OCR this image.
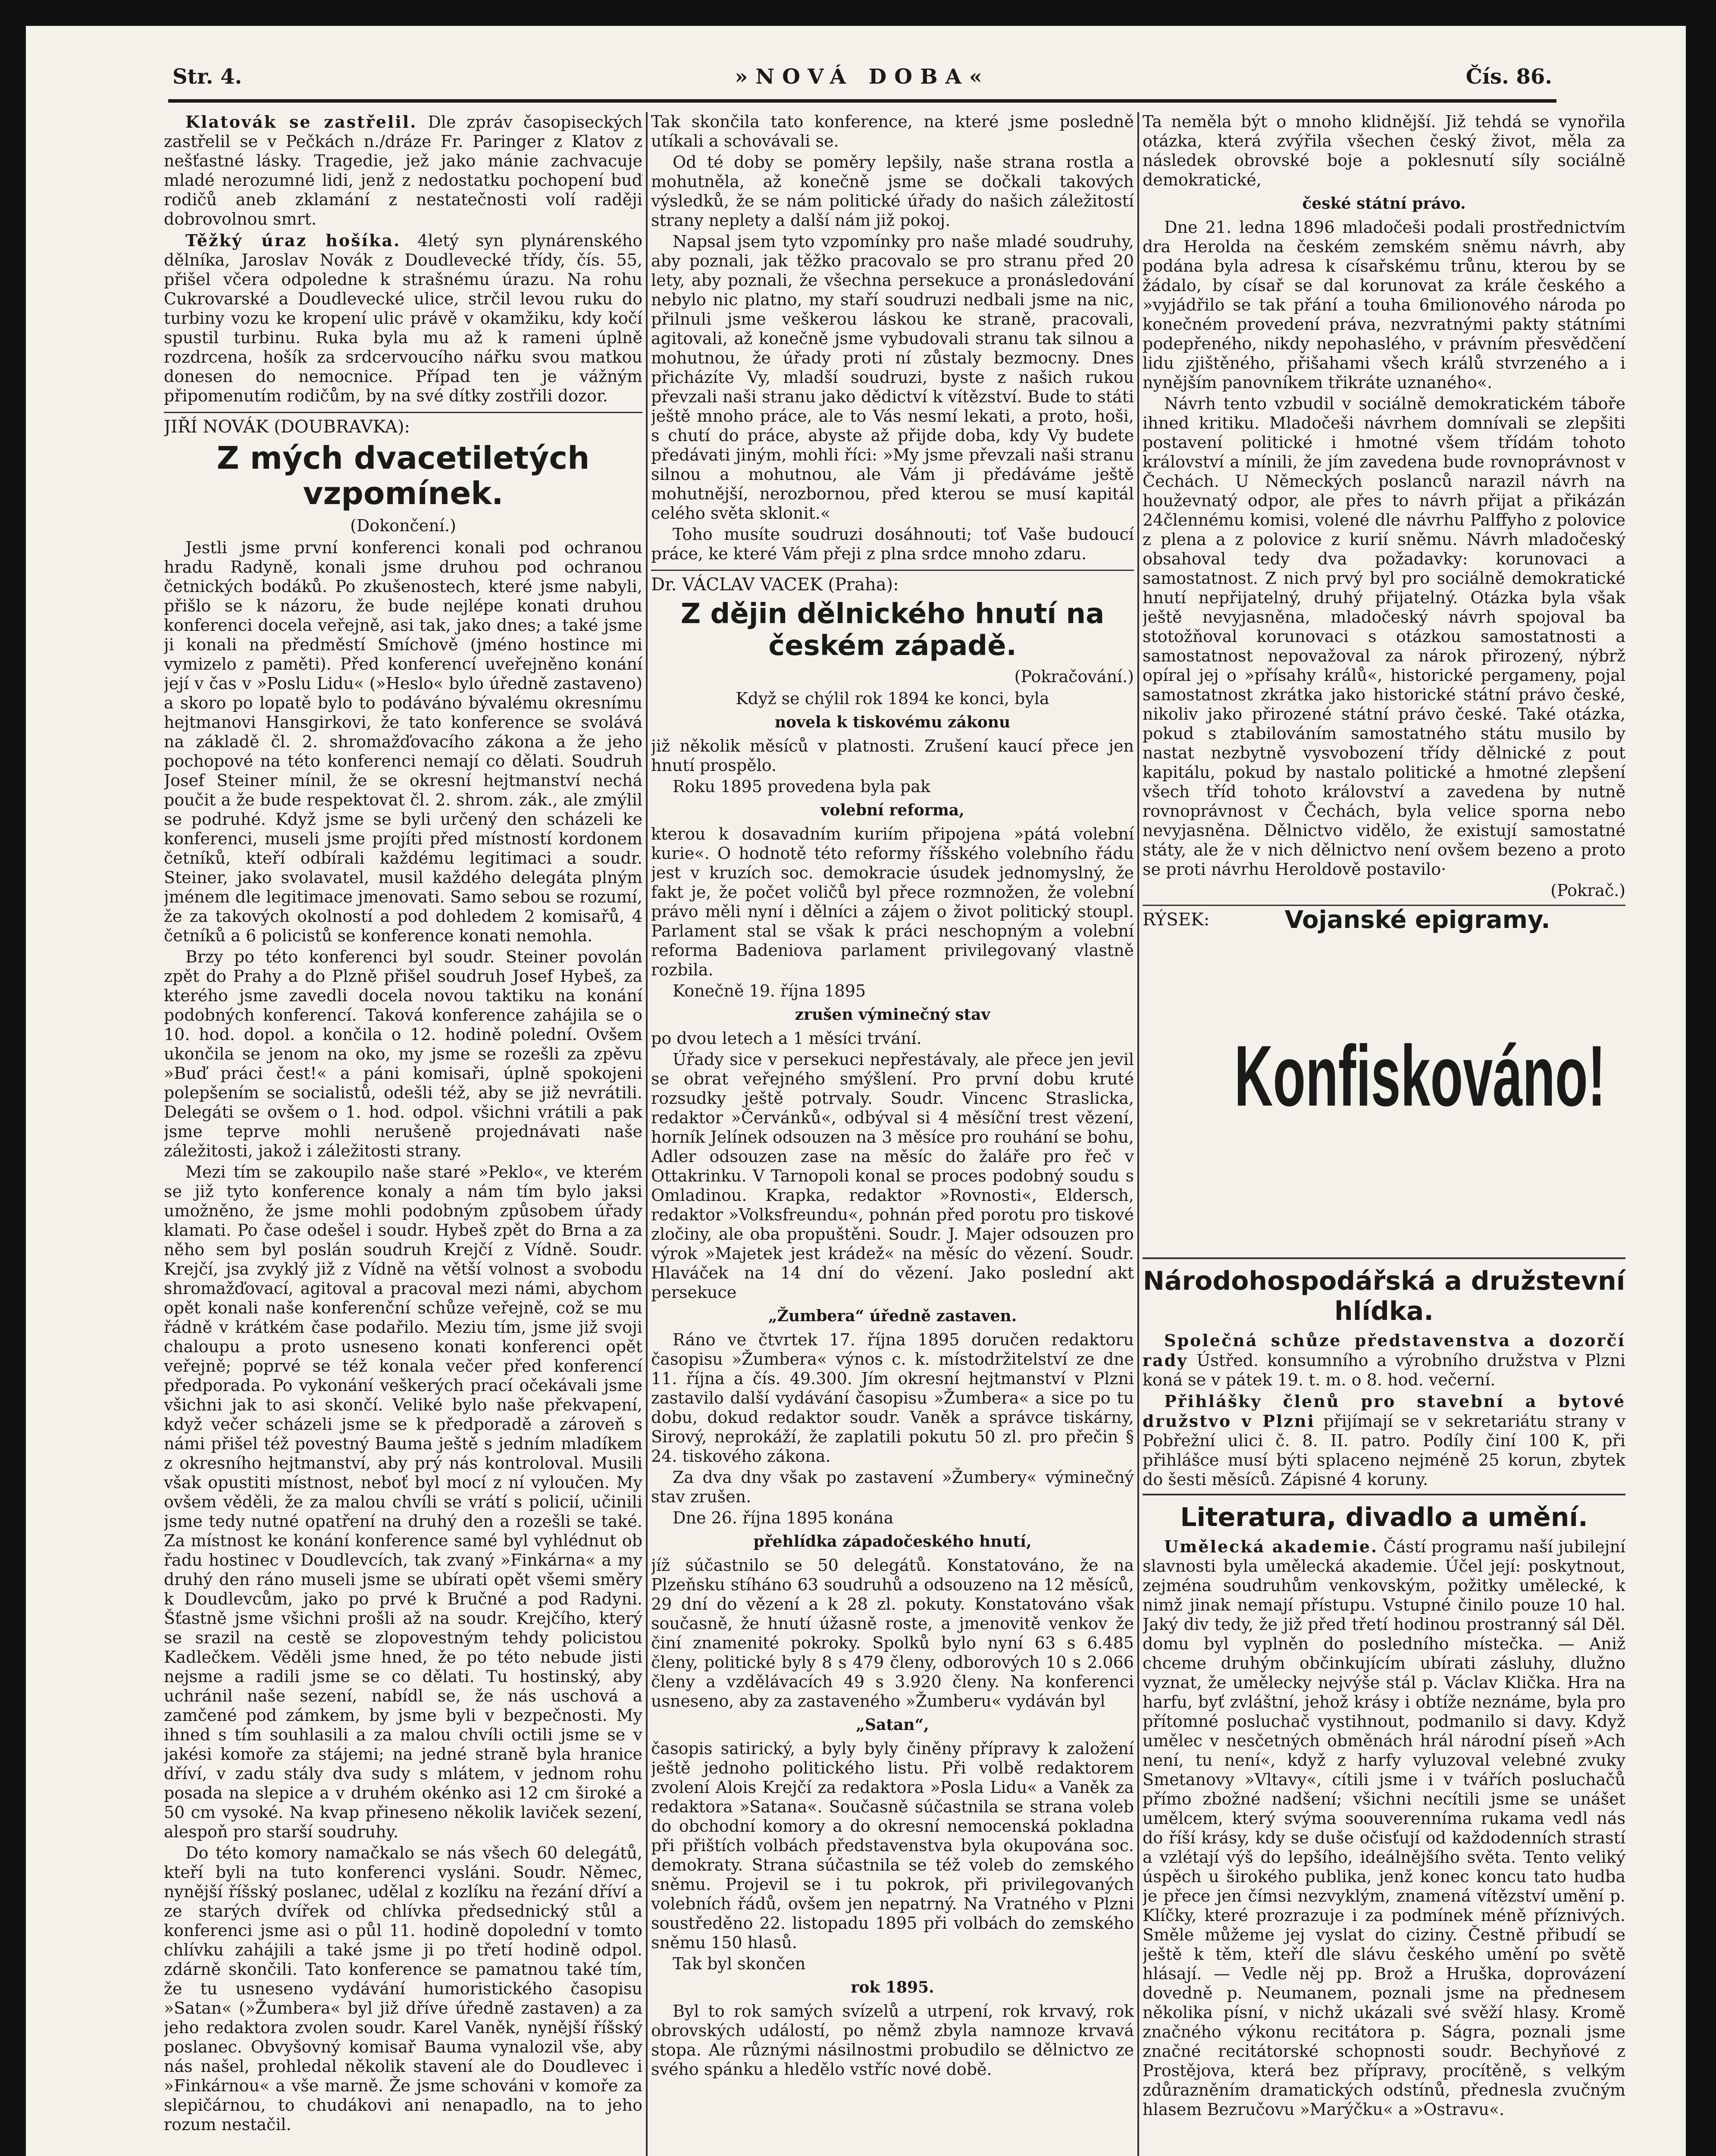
»NOVÁ DOBA«
Str. 4.	Čís. 86.

Klatovák se zastřelil. Dle zpráv časopiseckých zastřelil se v Pečkách n./dráze Fr. Paringer z Klatov z nešťastné lásky. Tragedie, jež jako mánie zachvacuje mladé nerozumné lidi, jenž z nedostatku pochopení buď rodičů aneb zklamání z nestatečnosti volí raději dobrovolnou smrt.

Těžký úraz hošíka. 4letý syn plynárenského dělníka, Jaroslav Novák z Doudlevecké třídy, čís. 55, přišel včera odpoledne k strašnému úrazu. Na rohu Cukrovarské a Doudlevecké ulice, strčil levou ruku do turbiny vozu ke kropení ulic právě v okamžiku, kdy kočí spustil turbinu. Ruka byla mu až k rameni úplně rozdrcena, hošík za srdcervoucího nářku svou matkou donesen do nemocnice. Případ ten je vážným připomenutím rodičům, by na své dítky zostřili dozor.

JIŘÍ NOVÁK (DOUBRAVKA):

Z mých dvacetiletých vzpomínek.

(Dokončení.)

Jestli jsme první konferenci konali pod ochranou hradu Radyně, konali jsme druhou pod ochranou četnických bodáků. Po zkušenostech, které jsme nabyli, přišlo se k názoru, že bude nejlépe konati druhou konferenci docela veřejně, asi tak, jako dnes; a také jsme ji konali na předměstí Smíchově (jméno hostince mi vymizelo z paměti). Před konferencí uveřejněno konání její v čas v »Poslu Lidu« (»Heslo« bylo úředně zastaveno) a skoro po lopatě bylo to podáváno bývalému okresnímu hejtmanovi Hansgirkovi, že tato konference se svolává na základě čl. 2. shromažďovacího zákona a že jeho pochopové na této konferenci nemají co dělati. Soudruh Josef Steiner mínil, že se okresní hejtmanství nechá poučit a že bude respektovat čl. 2. shrom. zák., ale zmýlil se podruhé. Když jsme se byli určený den scházeli ke konferenci, museli jsme projíti před místností kordonem četníků, kteří odbírali každému legitimaci a soudr. Steiner, jako svolavatel, musil každého delegáta plným jménem dle legitimace jmenovati. Samo sebou se rozumí, že za takových okolností a pod dohledem 2 komisařů, 4 četníků a 6 policistů se konference konati nemohla.

Brzy po této konferenci byl soudr. Steiner povolán zpět do Prahy a do Plzně přišel soudruh Josef Hybeš, za kterého jsme zavedli docela novou taktiku na konání podobných konferencí. Taková konference zahájila se o 10. hod. dopol. a končila o 12. hodině polední. Ovšem ukončila se jenom na oko, my jsme se rozešli za zpěvu »Buď práci čest!« a páni komisaři, úplně spokojeni polepšením se socialistů, odešli též, aby se již nevrátili. Delegáti se ovšem o 1. hod. odpol. všichni vrátili a pak jsme teprve mohli nerušeně projednávati naše záležitosti, jakož i záležitosti strany.

Mezi tím se zakoupilo naše staré »Peklo«, ve kterém se již tyto konference konaly a nám tím bylo jaksi umožněno, že jsme mohli podobným způsobem úřady klamati. Po čase odešel i soudr. Hybeš zpět do Brna a za něho sem byl poslán soudruh Krejčí z Vídně. Soudr. Krejčí, jsa zvyklý již z Vídně na větší volnost a svobodu shromažďovací, agitoval a pracoval mezi námi, abychom opět konali naše konferenční schůze veřejně, což se mu řádně v krátkém čase podařilo. Meziu tím, jsme již svoji chaloupu a proto usneseno konati konferenci opět veřejně; poprvé se též konala večer před konferencí předporada. Po vykonání veškerých prací očekávali jsme všichni jak to asi skončí. Veliké bylo naše překvapení, když večer scházeli jsme se k předporadě a zároveň s námi přišel též povestný Bauma ještě s jedním mladíkem z okresního hejtmanství, aby prý nás kontroloval. Musili však opustiti místnost, neboť byl mocí z ní vyloučen. My ovšem věděli, že za malou chvíli se vrátí s policií, učinili jsme tedy nutné opatření na druhý den a rozešli se také. Za místnost ke konání konference samé byl vyhlédnut ob řadu hostinec v Doudlevcích, tak zvaný »Finkárna« a my druhý den ráno museli jsme se ubírati opět všemi směry k Doudlevcům, jako po prvé k Bručné a pod Radyni. Šťastně jsme všichni prošli až na soudr. Krejčího, který se srazil na cestě se zlopovestným tehdy policistou Kadlečkem. Věděli jsme hned, že po této nebude jisti nejsme a radili jsme se co dělati. Tu hostinský, aby uchránil naše sezení, nabídl se, že nás uschová a zamčené pod zámkem, by jsme byli v bezpečnosti. My ihned s tím souhlasili a za malou chvíli octili jsme se v jakési komoře za stájemi; na jedné straně byla hranice dříví, v zadu stály dva sudy s mlátem, v jednom rohu posada na slepice a v druhém okénko asi 12 cm široké a 50 cm vysoké. Na kvap přineseno několik laviček sezení, alespoň pro starší soudruhy.

Do této komory namačkalo se nás všech 60 delegátů, kteří byli na tuto konferenci vysláni. Soudr. Němec, nynější říšský poslanec, udělal z kozlíku na řezání dříví a ze starých dvířek od chlívka předsednický stůl a konferenci jsme asi o půl 11. hodině dopolední v tomto chlívku zahájili a také jsme ji po třetí hodině odpol. zdárně skončili. Tato konference se pamatnou také tím, že tu usneseno vydávání humoristického časopisu »Satan« (»Žumbera« byl již dříve úředně zastaven) a za jeho redaktora zvolen soudr. Karel Vaněk, nynější říšský poslanec. Obvyšovný komisař Bauma vynalozil vše, aby nás našel, prohledal několik stavení ale do Doudlevec i »Finkárnou« a vše marně. Že jsme schováni v komoře za slepičárnou, to chudákovi ani nenapadlo, na to jeho rozum nestačil.

Tak skončila tato konference, na které jsme posledně utíkali a schovávali se.

Od té doby se poměry lepšily, naše strana rostla a mohutněla, až konečně jsme se dočkali takových výsledků, že se nám politické úřady do našich záležitostí strany neplety a další nám již pokoj.

Napsal jsem tyto vzpomínky pro naše mladé soudruhy, aby poznali, jak těžko pracovalo se pro stranu před 20 lety, aby poznali, že všechna persekuce a pronásledování nebylo nic platno, my staří soudruzi nedbali jsme na nic, přilnuli jsme veškerou láskou ke straně, pracovali, agitovali, až konečně jsme vybudovali stranu tak silnou a mohutnou, že úřady proti ní zůstaly bezmocny. Dnes přicházíte Vy, mladší soudruzi, byste z našich rukou převzali naši stranu jako dědictví k vítězství. Bude to státi ještě mnoho práce, ale to Vás nesmí lekati, a proto, hoši, s chutí do práce, abyste až přijde doba, kdy Vy budete předávati jiným, mohli říci: »My jsme převzali naši stranu silnou a mohutnou, ale Vám ji předáváme ještě mohutnější, nerozbornou, před kterou se musí kapitál celého světa sklonit.«

Toho musíte soudruzi dosáhnouti; toť Vaše budoucí práce, ke které Vám přeji z plna srdce mnoho zdaru.

Dr. VÁCLAV VACEK (Praha):

Z dějin dělnického hnutí na českém západě.

(Pokračování.)

Když se chýlil rok 1894 ke konci, byla

novela k tiskovému zákonu

již několik měsíců v platnosti. Zrušení kaucí přece jen hnutí prospělo.

Roku 1895 provedena byla pak

volební reforma,

kterou k dosavadním kuriím připojena »pátá volební kurie«. O hodnotě této reformy říšského volebního řádu jest v kruzích soc. demokracie úsudek jednomyslný, že fakt je, že počet voličů byl přece rozmnožen, že volební právo měli nyní i dělníci a zájem o život politický stoupl. Parlament stal se však k práci neschopným a volební reforma Badeniova parlament privilegovaný vlastně rozbila.

Konečně 19. října 1895

zrušen výminečný stav

po dvou letech a 1 měsíci trvání.

Úřady sice v persekuci nepřestávaly, ale přece jen jevil se obrat veřejného smýšlení. Pro první dobu kruté rozsudky ještě potrvaly. Soudr. Vincenc Straslicka, redaktor »Červánků«, odbýval si 4 měsíční trest vězení, horník Jelínek odsouzen na 3 měsíce pro rouhání se bohu, Adler odsouzen zase na měsíc do žaláře pro řeč v Ottakrinku. V Tarnopoli konal se proces podobný soudu s Omladinou. Krapka, redaktor »Rovnosti«, Eldersch, redaktor »Volksfreundu«, pohnán před porotu pro tiskové zločiny, ale oba propuštěni. Soudr. J. Majer odsouzen pro výrok »Majetek jest krádež« na měsíc do vězení. Soudr. Hlaváček na 14 dní do vězení. Jako poslední akt persekuce

„Žumbera“ úředně zastaven.

Ráno ve čtvrtek 17. října 1895 doručen redaktoru časopisu »Žumbera« výnos c. k. místodržitelství ze dne 11. října a čís. 49.300. Jím okresní hejtmanství v Plzni zastavilo další vydávání časopisu »Žumbera« a sice po tu dobu, dokud redaktor soudr. Vaněk a správce tiskárny, Sirový, neprokáží, že zaplatili pokutu 50 zl. pro přečin § 24. tiskového zákona.

Za dva dny však po zastavení »Žumbery« výminečný stav zrušen.

Dne 26. října 1895 konána

přehlídka západočeského hnutí,

jíž súčastnilo se 50 delegátů. Konstatováno, že na Plzeňsku stíháno 63 soudruhů a odsouzeno na 12 měsíců, 29 dní do vězení a k 28 zl. pokuty. Konstatováno však současně, že hnutí úžasně roste, a jmenovitě venkov že činí znamenité pokroky. Spolků bylo nyní 63 s 6.485 členy, politické byly 8 s 479 členy, odborových 10 s 2.066 členy a vzdělávacích 49 s 3.920 členy. Na konferenci usneseno, aby za zastaveného »Žumberu« vydáván byl

„Satan“,

časopis satirický, a byly byly činěny přípravy k založení ještě jednoho politického listu. Při volbě redaktorem zvolení Alois Krejčí za redaktora »Posla Lidu« a Vaněk za redaktora »Satana«. Současně súčastnila se strana voleb do obchodní komory a do okresní nemocenská pokladna při přištích volbách představenstva byla okupována soc. demokraty. Strana súčastnila se též voleb do zemského sněmu. Projevil se i tu pokrok, při privilegovaných volebních řádů, ovšem jen nepatrný. Na Vratného v Plzni soustředěno 22. listopadu 1895 při volbách do zemského sněmu 150 hlasů.

Tak byl skončen

rok 1895.

Byl to rok samých svízelů a utrpení, rok krvavý, rok obrovských událostí, po němž zbyla namnoze krvavá stopa. Ale různými násilnostmi probudilo se dělnictvo ze svého spánku a hledělo vstříc nové době.

Ta neměla být o mnoho klidnější. Již tehdá se vynořila otázka, která zvýřila všechen český život, měla za následek obrovské boje a poklesnutí síly sociálně demokratické,

české státní právo.

Dne 21. ledna 1896 mladočeši podali prostřednictvím dra Herolda na českém zemském sněmu návrh, aby podána byla adresa k císařskému trůnu, kterou by se žádalo, by císař se dal korunovat za krále českého a »vyjádřilo se tak přání a touha 6milionového národa po konečném provedení práva, nezvratnými pakty státními podepřeného, nikdy nepohaslého, v právním přesvědčení lidu zjištěného, přišahami všech králů stvrzeného a i nynějším panovníkem třikráte uznaného«.

Návrh tento vzbudil v sociálně demokratickém táboře ihned kritiku. Mladočeši návrhem domnívali se zlepšiti postavení politické i hmotné všem třídám tohoto království a mínili, že jím zavedena bude rovnoprávnost v Čechách. U Německých poslanců narazil návrh na houževnatý odpor, ale přes to návrh přijat a přikázán 24člennému komisi, volené dle návrhu Palffyho z polovice z plena a z polovice z kurií sněmu. Návrh mladočeský obsahoval tedy dva požadavky: korunovaci a samostatnost. Z nich prvý byl pro sociálně demokratické hnutí nepřijatelný, druhý přijatelný. Otázka byla však ještě nevyjasněna, mladočeský návrh spojoval ba stotožňoval korunovaci s otázkou samostatnosti a samostatnost nepovažoval za nárok přirozený, nýbrž opíral jej o »přísahy králů«, historické pergameny, pojal samostatnost zkrátka jako historické státní právo české, nikoliv jako přirozené státní právo české. Také otázka, pokud s ztabilováním samostatného státu musilo by nastat nezbytně vysvobození třídy dělnické z pout kapitálu, pokud by nastalo politické a hmotné zlepšení všech tříd tohoto království a zavedena by nutně rovnoprávnost v Čechách, byla velice sporna nebo nevyjasněna. Dělnictvo vidělo, že existují samostatné státy, ale že v nich dělnictvo není ovšem bezeno a proto se proti návrhu Heroldově postavilo·

(Pokrač.)

RÝSEK:	Vojanské epigramy.

Konfiskováno!

Národohospodářská a družstevní hlídka.

Společná schůze představenstva a dozorčí rady Ústřed. konsumního a výrobního družstva v Plzni koná se v pátek 19. t. m. o 8. hod. večerní.

Přihlášky členů pro stavební a bytové družstvo v Plzni přijímají se v sekretariátu strany v Pobřežní ulici č. 8. II. patro. Podíly činí 100 K, při přihlášce musí býti splaceno nejméně 25 korun, zbytek do šesti měsíců. Zápisné 4 koruny.

Literatura, divadlo a umění.

Umělecká akademie. Částí programu naší jubilejní slavnosti byla umělecká akademie. Účel její: poskytnout, zejména soudruhům venkovským, požitky umělecké, k nimž jinak nemají přístupu. Vstupné činilo pouze 10 hal. Jaký div tedy, že již před třetí hodinou prostranný sál Děl. domu byl vyplněn do posledního místečka. — Aniž chceme druhým občinkujícím ubírati zásluhy, dlužno vyznat, že umělecky nejvýše stál p. Václav Klička. Hra na harfu, byť zvláštní, jehož krásy i obtíže neznáme, byla pro přítomné posluchač vystihnout, podmanilo si davy. Když umělec v nesčetných obměnách hrál národní píseň »Ach není, tu není«, když z harfy vyluzoval velebné zvuky Smetanovy »Vltavy«, cítili jsme i v tvářích posluchačů přímo zbožné nadšení; všichni necítili jsme se unášet umělcem, který svýma soouverenníma rukama vedl nás do říší krásy, kdy se duše očisťují od každodenních strastí a vzlétají výš do lepšího, ideálnějšího světa. Tento veliký úspěch u širokého publika, jenž konec koncu tato hudba je přece jen čímsi nezvyklým, znamená vítězství umění p. Klíčky, které prozrazuje i za podmínek méně příznivých. Směle můžeme jej vyslat do ciziny. Čestně přibudí se ještě k těm, kteří dle slávu českého umění po světě hlásají. — Vedle něj pp. Brož a Hruška, doprovázení dovedně p. Neumanem, poznali jsme na přednesem několika písní, v nichž ukázali své svěží hlasy. Kromě značného výkonu recitátora p. Ságra, poznali jsme značné recitátorské schopnosti soudr. Bechyňové z Prostějova, která bez přípravy, procítěně, s velkým zdůrazněním dramatických odstínů, přednesla zvučným hlasem Bezručovu »Marýčku« a »Ostravu«.
